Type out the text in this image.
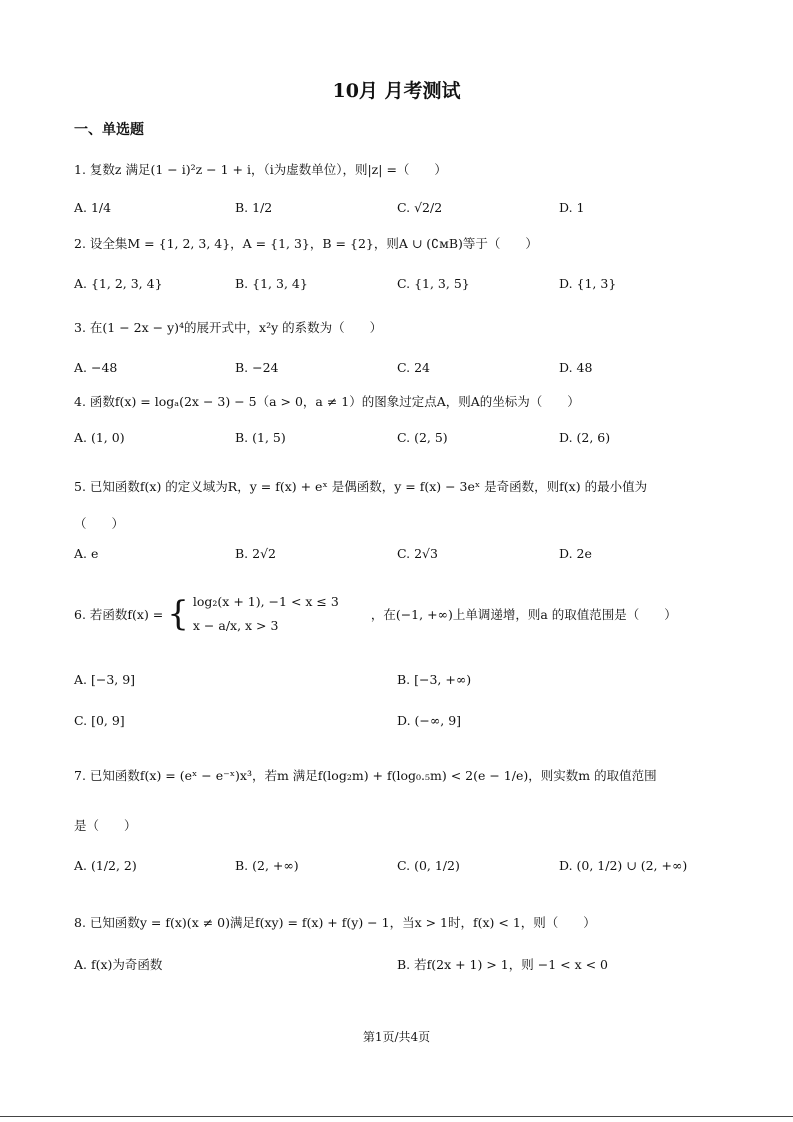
10月 月考测试
一、单选题
1. 复数z 满足(1 − i)²z − 1 + i，（i为虚数单位），则|z| =（　　）
A. 1/4	B. 1/2	C. √2/2	D. 1
2. 设全集M = {1, 2, 3, 4}，A = {1, 3}，B = {2}，则A ∪ (∁ᴍB)等于（　　）
A. {1, 2, 3, 4}	B. {1, 3, 4}	C. {1, 3, 5}	D. {1, 3}
3. 在(1 − 2x − y)⁴的展开式中，x²y 的系数为（　　）
A. −48	B. −24	C. 24	D. 48
4. 函数f(x) = logₐ(2x − 3) − 5（a > 0，a ≠ 1）的图象过定点A，则A的坐标为（　　）
A. (1, 0)	B. (1, 5)	C. (2, 5)	D. (2, 6)
5. 已知函数f(x) 的定义域为R，y = f(x) + eˣ 是偶函数，y = f(x) − 3eˣ 是奇函数，则f(x) 的最小值为
（　　）
A. e	B. 2√2	C. 2√3	D. 2e
6. 若函数f(x) = { log₂(x + 1), −1 < x ≤ 3
x − a/x, x > 3
，在(−1, +∞)上单调递增，则a 的取值范围是（　　）
A. [−3, 9]	B. [−3, +∞)
C. [0, 9]	D. (−∞, 9]
7. 已知函数f(x) = (eˣ − e⁻ˣ)x³，若m 满足f(log₂m) + f(log₀.₅m) < 2(e − 1/e)，则实数m 的取值范围
是（　　）
A. (1/2, 2)	B. (2, +∞)	C. (0, 1/2)	D. (0, 1/2) ∪ (2, +∞)
8. 已知函数y = f(x)(x ≠ 0)满足f(xy) = f(x) + f(y) − 1，当x > 1时，f(x) < 1，则（　　）
A. f(x)为奇函数	B. 若f(2x + 1) > 1，则 −1 < x < 0
第1页/共4页
